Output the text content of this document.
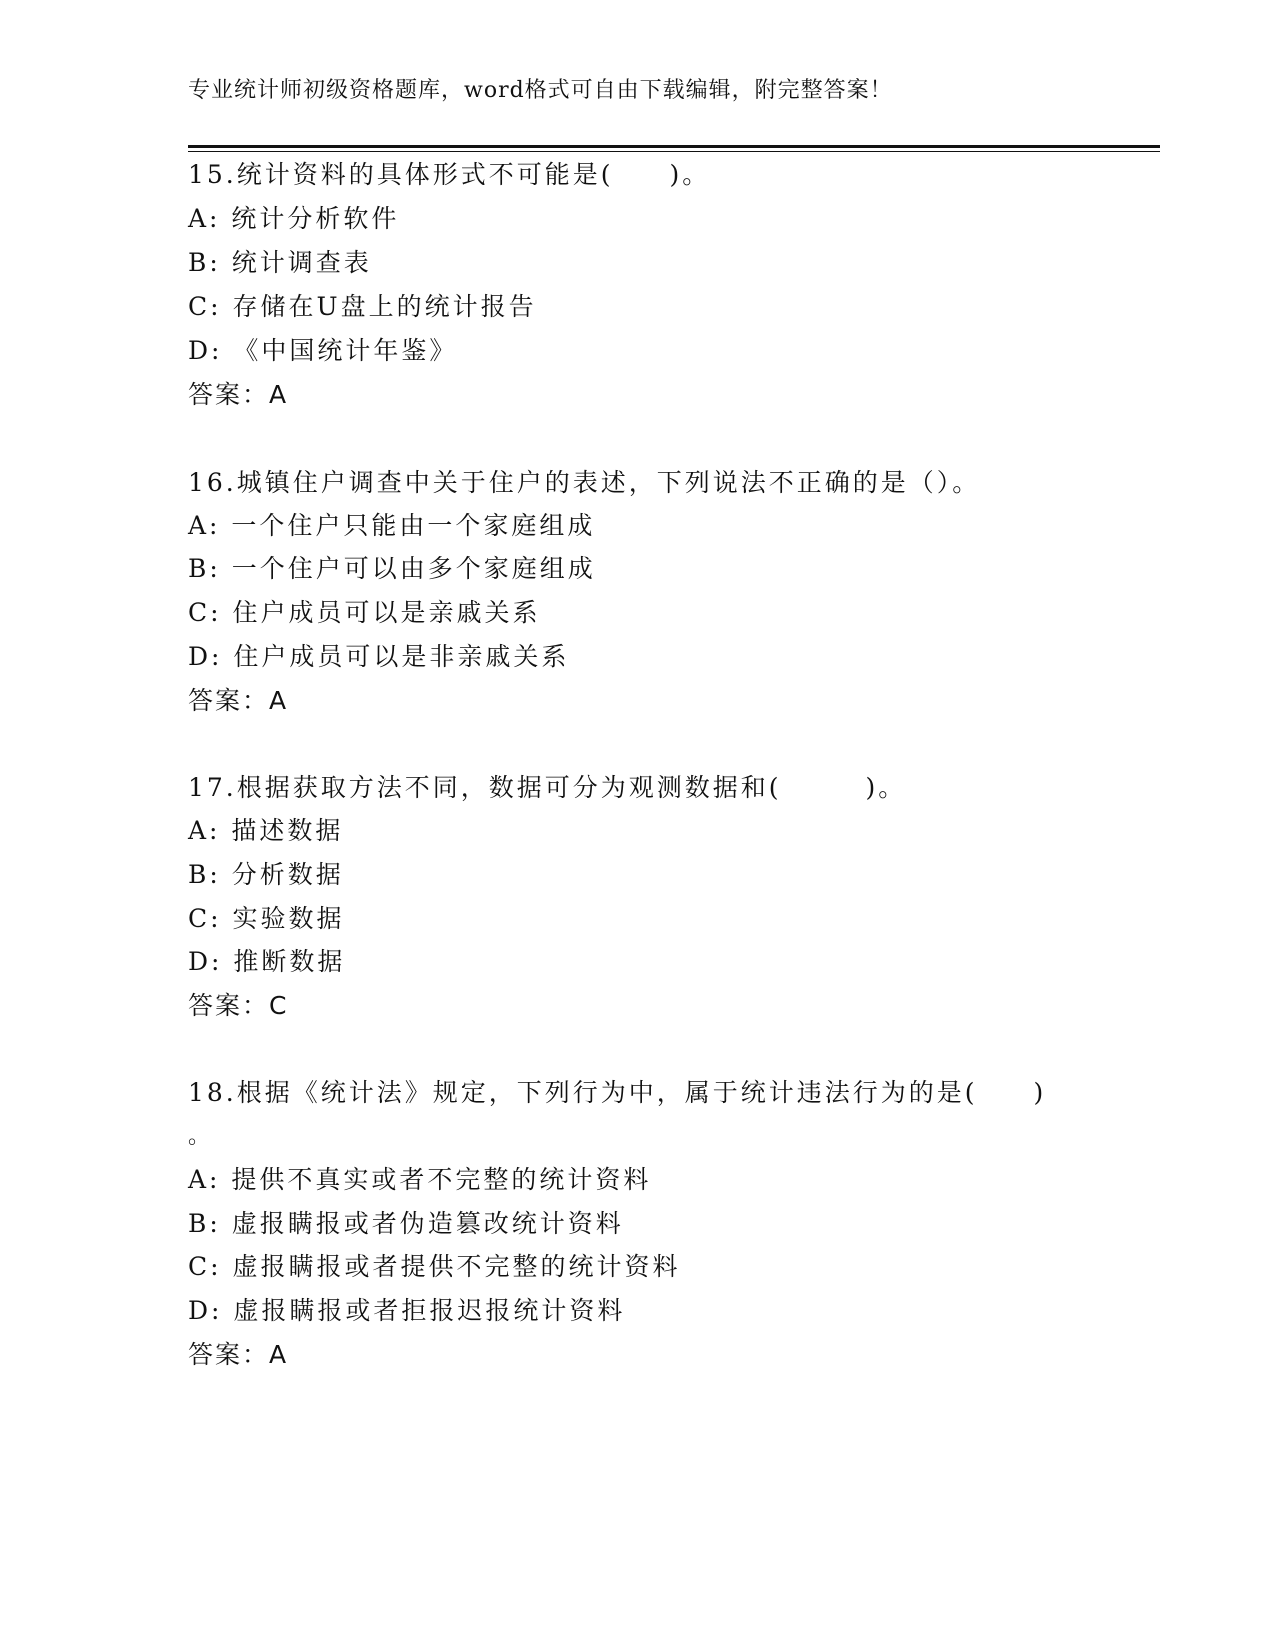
专业统计师初级资格题库，word格式可自由下载编辑，附完整答案！
15.统计资料的具体形式不可能是(　　)。
A: 统计分析软件
B: 统计调查表
C: 存储在U盘上的统计报告
D: 《中国统计年鉴》
答案：A
16.城镇住户调查中关于住户的表述，下列说法不正确的是（）。
A: 一个住户只能由一个家庭组成
B: 一个住户可以由多个家庭组成
C: 住户成员可以是亲戚关系
D: 住户成员可以是非亲戚关系
答案：A
17.根据获取方法不同，数据可分为观测数据和(　　　)。
A: 描述数据
B: 分析数据
C: 实验数据
D: 推断数据
答案：C
18.根据《统计法》规定，下列行为中，属于统计违法行为的是(　　)
。
A: 提供不真实或者不完整的统计资料
B: 虚报瞒报或者伪造篡改统计资料
C: 虚报瞒报或者提供不完整的统计资料
D: 虚报瞒报或者拒报迟报统计资料
答案：A
